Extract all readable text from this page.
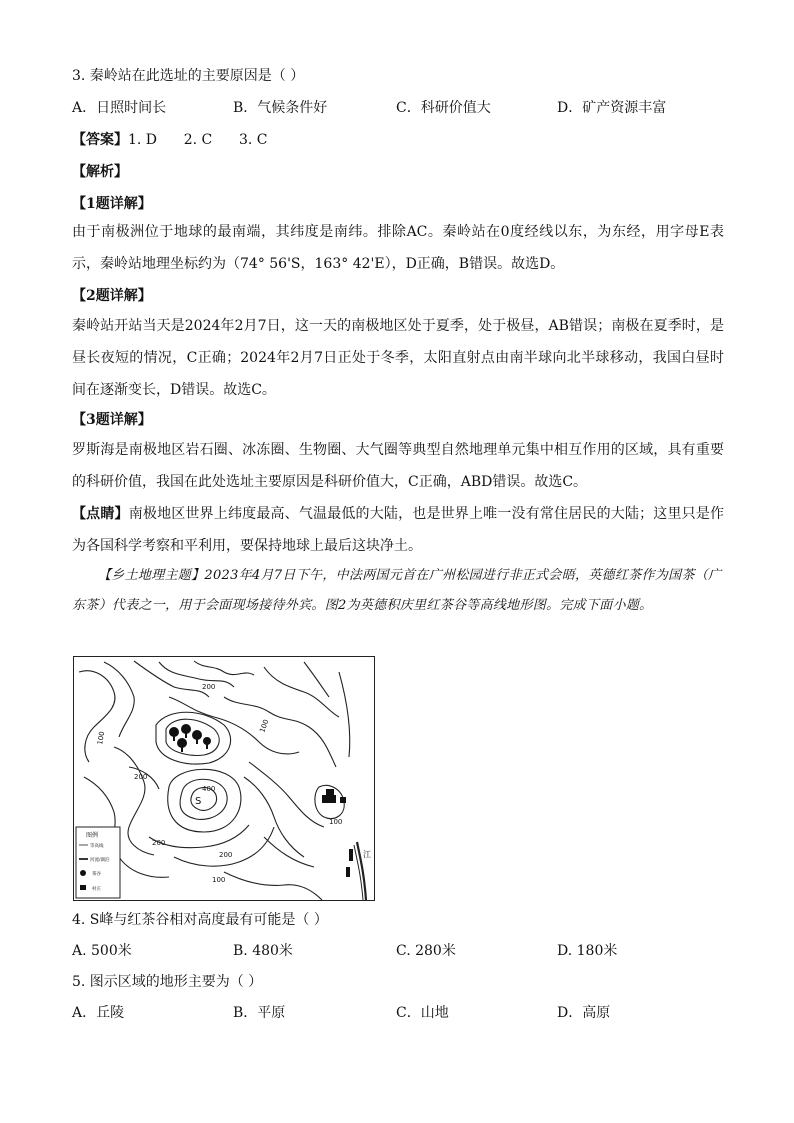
3. 秦岭站在此选址的主要原因是（ ）
A．日照时间长	B．气候条件好	C．科研价值大	D．矿产资源丰富
【答案】1. D      2. C      3. C
【解析】
【1题详解】
由于南极洲位于地球的最南端，其纬度是南纬。排除AC。秦岭站在0度经线以东，为东经，用字母E表示，秦岭站地理坐标约为（74° 56'S，163° 42'E），D正确，B错误。故选D。
【2题详解】
秦岭站开站当天是2024年2月7日，这一天的南极地区处于夏季，处于极昼，AB错误；南极在夏季时，是昼长夜短的情况，C正确；2024年2月7日正处于冬季，太阳直射点由南半球向北半球移动，我国白昼时间在逐渐变长，D错误。故选C。
【3题详解】
罗斯海是南极地区岩石圈、冰冻圈、生物圈、大气圈等典型自然地理单元集中相互作用的区域，具有重要的科研价值，我国在此处选址主要原因是科研价值大，C正确，ABD错误。故选C。
【点睛】南极地区世界上纬度最高、气温最低的大陆，也是世界上唯一没有常住居民的大陆；这里只是作为各国科学考察和平利用，要保持地球上最后这块净土。
【乡土地理主题】2023年4月7日下午，中法两国元首在广州松园进行非正式会晤，英德红茶作为国茶（广东茶）代表之一，用于会面现场接待外宾。图2为英德积庆里红茶谷等高线地形图。完成下面小题。
200
200
200
200
100
100
100
100
400
S
江
图例
等高线
河流/湖泊
茶谷
村庄
4. S峰与红茶谷相对高度最有可能是（ ）
A. 500米	B. 480米	C. 280米	D. 180米
5. 图示区域的地形主要为（ ）
A．丘陵	B．平原	C．山地	D．高原
